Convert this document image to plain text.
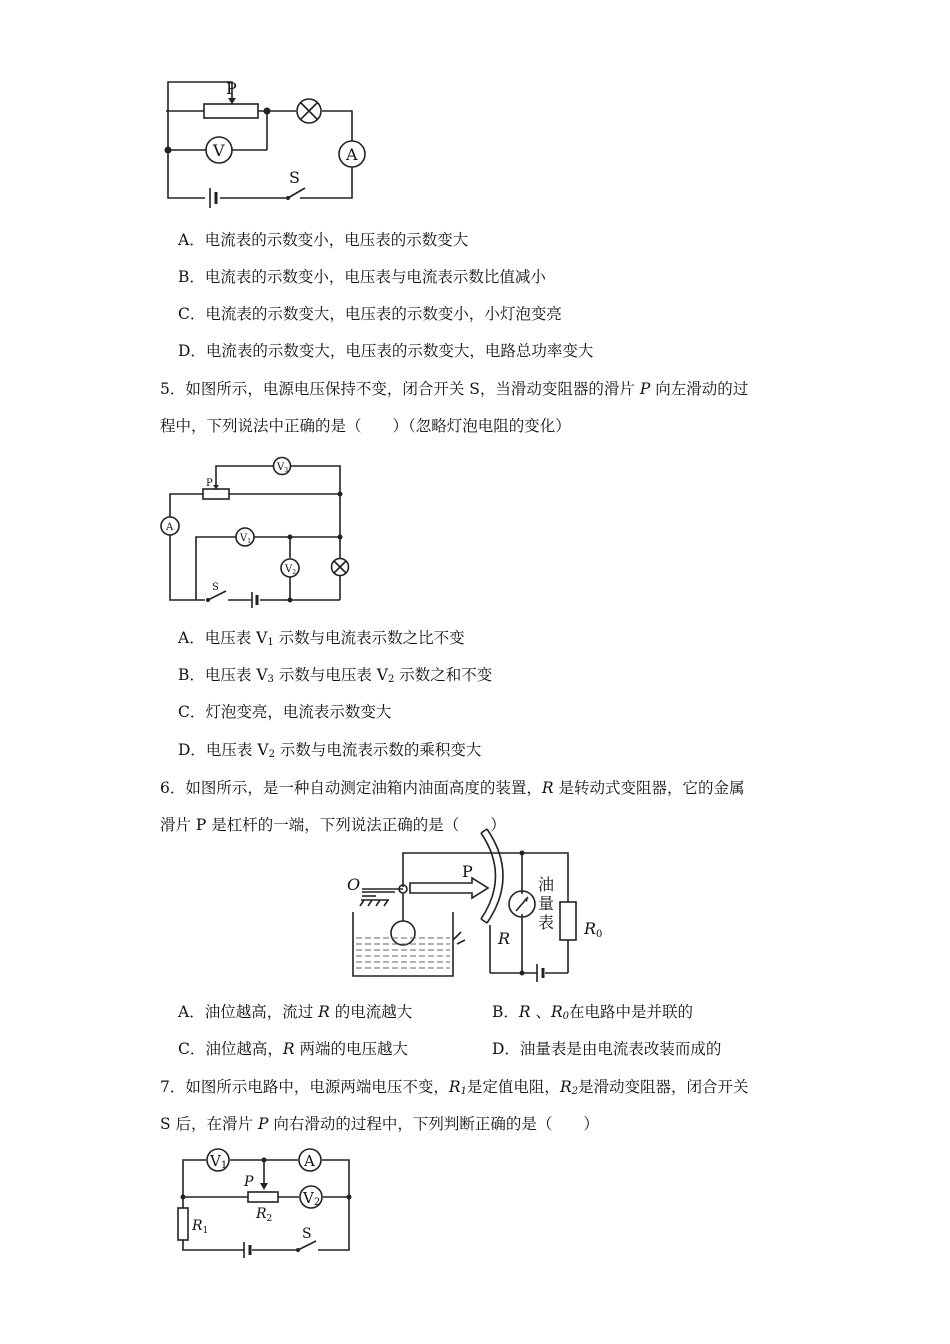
P
V	A
S
A．电流表的示数变小，电压表的示数变大
B．电流表的示数变小，电压表与电流表示数比值减小
C．电流表的示数变大，电压表的示数变小，小灯泡变亮
D．电流表的示数变大，电压表的示数变大，电路总功率变大
5．如图所示，电源电压保持不变，闭合开关 S，当滑动变阻器的滑片 P 向左滑动的过
程中，下列说法中正确的是（　　）（忽略灯泡电阻的变化）
$V_3$
P
A
$V_1$
$V_2$
S
A．电压表 $V_1$ 示数与电流表示数之比不变
B．电压表 $V_3$ 示数与电压表 $V_2$ 示数之和不变
C．灯泡变亮，电流表示数变大
D．电压表 $V_2$ 示数与电流表示数的乘积变大
6．如图所示，是一种自动测定油箱内油面高度的装置，R 是转动式变阻器，它的金属
滑片 P 是杠杆的一端，下列说法正确的是（　　）
O
P
R
油
量
表 R0
A．油位越高，流过 R 的电流越大	B．R 、$R_0$在电路中是并联的
C．油位越高，R 两端的电压越大	D．油量表是由电流表改装而成的
7．如图所示电路中，电源两端电压不变，$R_1$是定值电阻，$R_2$是滑动变阻器，闭合开关
S 后，在滑片 P 向右滑动的过程中，下列判断正确的是（　　）
V1	A
P
$R_2$
V2
$R_1$	S
